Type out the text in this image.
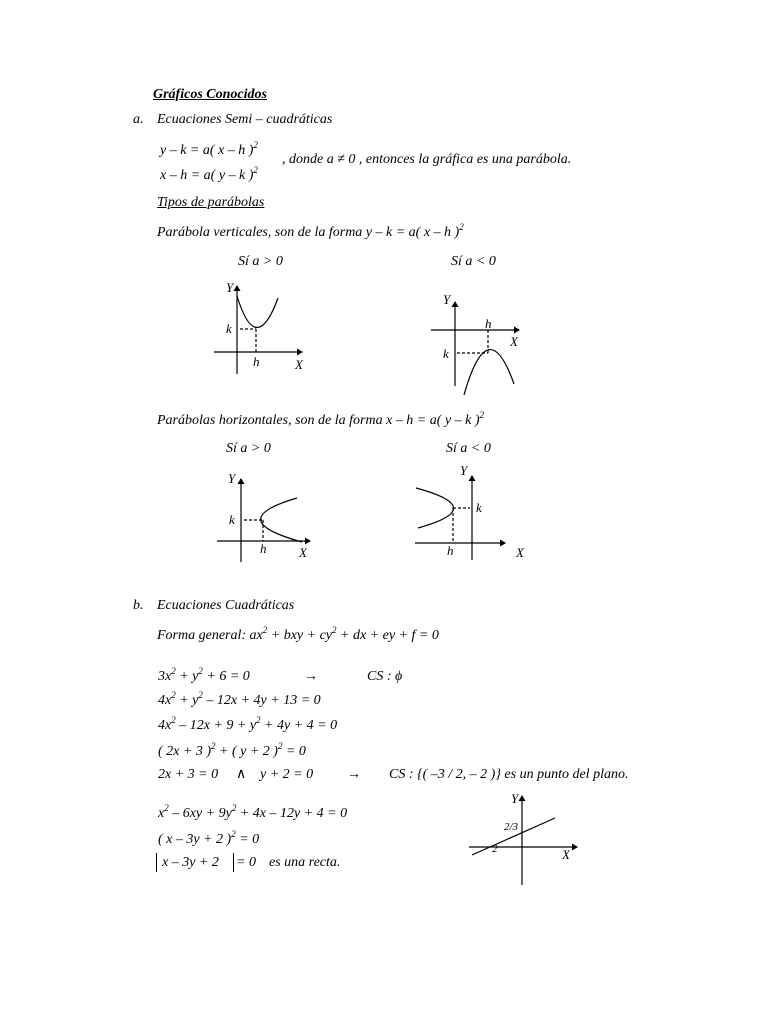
Gráficos Conocidos
a. Ecuaciones Semi – cuadráticas
y – k = a( x – h )$^2$
x – h = a( y – k )$^2$
, donde a ≠ 0 , entonces la gráfica es una parábola.
Tipos de parábolas
Parábola verticales, son de la forma y – k = a( x – h )$^2$
Sí a > 0	Sí a < 0
Parábolas horizontales, son de la forma x – h = a( y – k )$^2$
Sí a > 0	Sí a < 0
Y
k
h	X
Y
h
X
k
Y
k
h	X
Y
k
h	X
Y
2/3
2	X
b. Ecuaciones Cuadráticas
Forma general: $ax^2$ + bxy + $cy^2$ + dx + ey + f = 0
$3x^2 + y^2 + 6 = 0$	→	CS : ϕ
$4x^2 + y^2 - 12x + 4y + 13 = 0$
$4x^2 - 12x + 9 + y^2 + 4y + 4 = 0$
( 2x + 3 )$^2$ + ( y + 2 )$^2$ = 0
2x + 3 = 0 ∧ y + 2 = 0 → CS : {( –3 / 2, – 2 )} es un punto del plano.
$x^2 - 6xy + 9y^2 + 4x - 12y + 4 = 0$
( x – 3y + 2 )$^2$ = 0
x – 3y + 2 = 0 es una recta.
